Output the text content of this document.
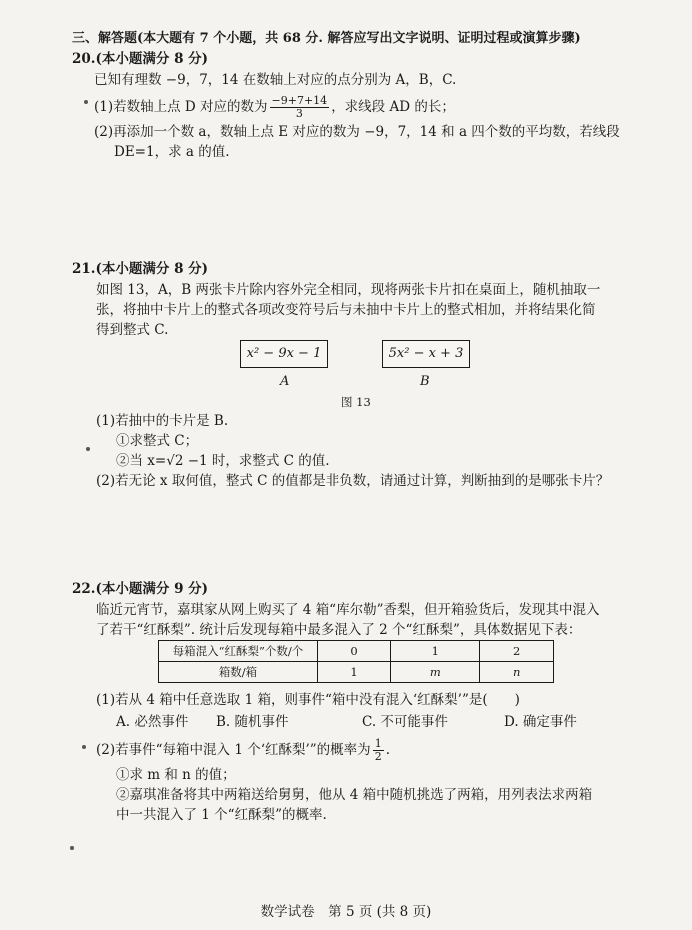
三、解答题(本大题有 7 个小题，共 68 分. 解答应写出文字说明、证明过程或演算步骤)
20.(本小题满分 8 分)
已知有理数 −9，7，14 在数轴上对应的点分别为 A，B，C.
(1)若数轴上点 D 对应的数为 $\frac{-9+7+14}{3}$ ，求线段 AD 的长；
(2)再添加一个数 a，数轴上点 E 对应的数为 −9，7，14 和 a 四个数的平均数，若线段
DE=1，求 a 的值.
21.(本小题满分 8 分)
如图 13，A，B 两张卡片除内容外完全相同，现将两张卡片扣在桌面上，随机抽取一
张，将抽中卡片上的整式各项改变符号后与未抽中卡片上的整式相加，并将结果化简
得到整式 C.
x² − 9x − 1	5x² − x + 3
A	B
图 13
(1)若抽中的卡片是 B.
①求整式 C；
②当 x=√2 −1 时，求整式 C 的值.
(2)若无论 x 取何值，整式 C 的值都是非负数，请通过计算，判断抽到的是哪张卡片？
22.(本小题满分 9 分)
临近元宵节，嘉琪家从网上购买了 4 箱“库尔勒”香梨，但开箱验货后，发现其中混入
了若干“红酥梨”. 统计后发现每箱中最多混入了 2 个“红酥梨”，具体数据见下表：
每箱混入“红酥梨”个数/个	0	1	2
箱数/箱	1	m	n
(1)若从 4 箱中任意选取 1 箱，则事件“箱中没有混入‘红酥梨’”是(　　)
A. 必然事件 B. 随机事件	C. 不可能事件	D. 确定事件
(2)若事件“每箱中混入 1 个‘红酥梨’”的概率为 $\frac{1}{2}$ .
①求 m 和 n 的值；
②嘉琪准备将其中两箱送给舅舅，他从 4 箱中随机挑选了两箱，用列表法求两箱
中一共混入了 1 个“红酥梨”的概率.
数学试卷　第 5 页 (共 8 页)
